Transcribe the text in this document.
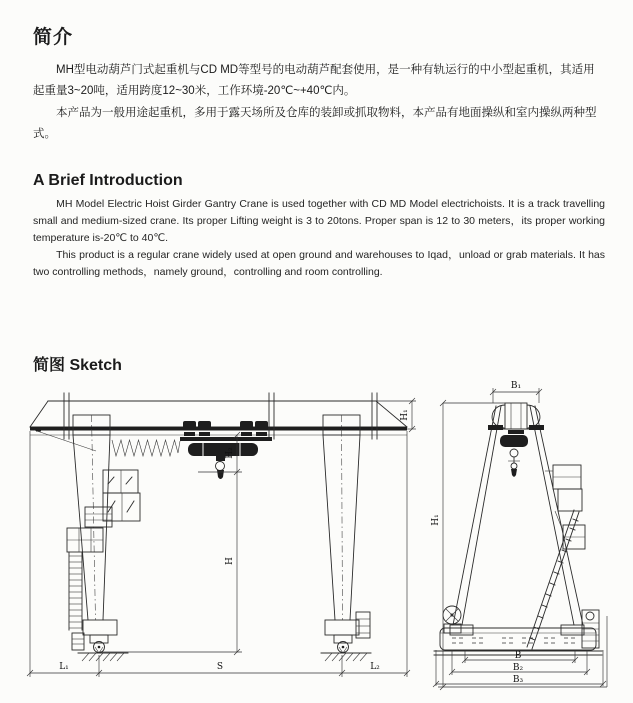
简介

MH型电动葫芦门式起重机与CD MD等型号的电动葫芦配套使用，是一种有轨运行的中小型起重机，其适用起重量3~20吨，适用跨度12~30米，工作环境-20℃~+40℃内。

本产品为一般用途起重机，多用于露天场所及仓库的装卸或抓取物料，本产品有地面操纵和室内操纵两种型式。

A Brief Introduction

MH Model Electric Hoist Girder Gantry Crane is used together with CD MD Model electrichoists. It is a track travelling small and medium-sized crane. Its proper Lifting weight is 3 to 20tons. Proper span is 12 to 30 meters，its proper working temperature is-20℃ to 40℃.

This product is a regular crane widely used at open ground and warehouses to Iqad，unload or grab materials. It has two controlling methods，namely ground，controlling and room controlling.

简图 Sketch
H₂
H
H₁
L₁	S	L₂
B₁
H₁
B
B₂
B₃
